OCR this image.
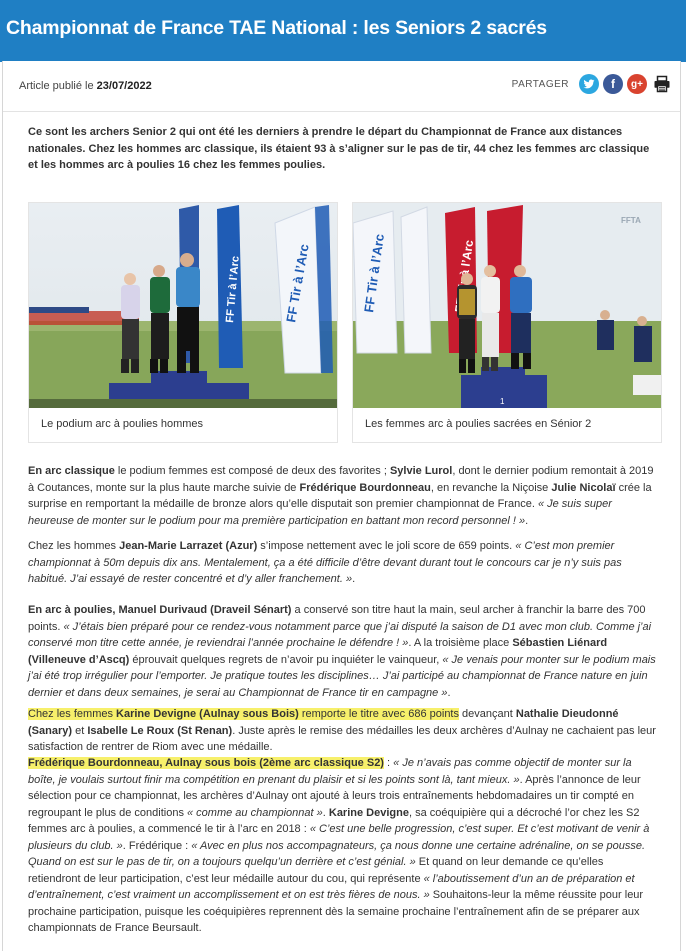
Championnat de France TAE National : les Seniors 2 sacrés
Article publié le 23/07/2022	PARTAGER	f	g+
Ce sont les archers Senior 2 qui ont été les derniers à prendre le départ du Championnat de France aux distances nationales. Chez les hommes arc classique, ils étaient 93 à s’aligner sur le pas de tir, 44 chez les femmes arc classique et les hommes arc à poulies 16 chez les femmes poulies.
FF Tir à l’Arc
FF Tir à l’Arc
Le podium arc à poulies hommes
FF Tir à l’Arc	à l’Arc
FFTA
1
Les femmes arc à poulies sacrées en Sénior 2
En arc classique le podium femmes est composé de deux des favorites ; Sylvie Lurol, dont le dernier podium remontait à 2019 à Coutances, monte sur la plus haute marche suivie de Frédérique Bourdonneau, en revanche la Niçoise Julie Nicolaï crée la surprise en remportant la médaille de bronze alors qu’elle disputait son premier championnat de France. « Je suis super heureuse de monter sur le podium pour ma première participation en battant mon record personnel ! ».
Chez les hommes Jean-Marie Larrazet (Azur) s’impose nettement avec le joli score de 659 points. « C’est mon premier championnat à 50m depuis dix ans. Mentalement, ça a été difficile d’être devant durant tout le concours car je n’y suis pas habitué. J’ai essayé de rester concentré et d’y aller franchement. ».
En arc à poulies, Manuel Durivaud (Draveil Sénart) a conservé son titre haut la main, seul archer à franchir la barre des 700 points. « J’étais bien préparé pour ce rendez-vous notamment parce que j’ai disputé la saison de D1 avec mon club. Comme j’ai conservé mon titre cette année, je reviendrai l’année prochaine le défendre ! ». A la troisième place Sébastien Liénard (Villeneuve d’Ascq) éprouvait quelques regrets de n’avoir pu inquiéter le vainqueur, « Je venais pour monter sur le podium mais j’ai été trop irrégulier pour l’emporter. Je pratique toutes les disciplines… J’ai participé au championnat de France nature en juin dernier et dans deux semaines, je serai au Championnat de France tir en campagne ».
Chez les femmes Karine Devigne (Aulnay sous Bois) remporte le titre avec 686 points devançant Nathalie Dieudonné (Sanary) et Isabelle Le Roux (St Renan). Juste après le remise des médailles les deux archères d’Aulnay ne cachaient pas leur satisfaction de rentrer de Riom avec une médaille.
Frédérique Bourdonneau, Aulnay sous bois (2ème arc classique S2) : « Je n’avais pas comme objectif de monter sur la boîte, je voulais surtout finir ma compétition en prenant du plaisir et si les points sont là, tant mieux. ». Après l’annonce de leur sélection pour ce championnat, les archères d’Aulnay ont ajouté à leurs trois entraînements hebdomadaires un tir compté en regroupant le plus de conditions « comme au championnat ». Karine Devigne, sa coéquipière qui a décroché l’or chez les S2 femmes arc à poulies, a commencé le tir à l’arc en 2018 : « C’est une belle progression, c’est super. Et c’est motivant de venir à plusieurs du club. ». Frédérique : « Avec en plus nos accompagnateurs, ça nous donne une certaine adrénaline, on se pousse. Quand on est sur le pas de tir, on a toujours quelqu’un derrière et c’est génial. » Et quand on leur demande ce qu’elles retiendront de leur participation, c’est leur médaille autour du cou, qui représente « l’aboutissement d’un an de préparation et d’entraînement, c’est vraiment un accomplissement et on est très fières de nous. » Souhaitons-leur la même réussite pour leur prochaine participation, puisque les coéquipières reprennent dès la semaine prochaine l’entraînement afin de se préparer aux championnats de France Beursault.
